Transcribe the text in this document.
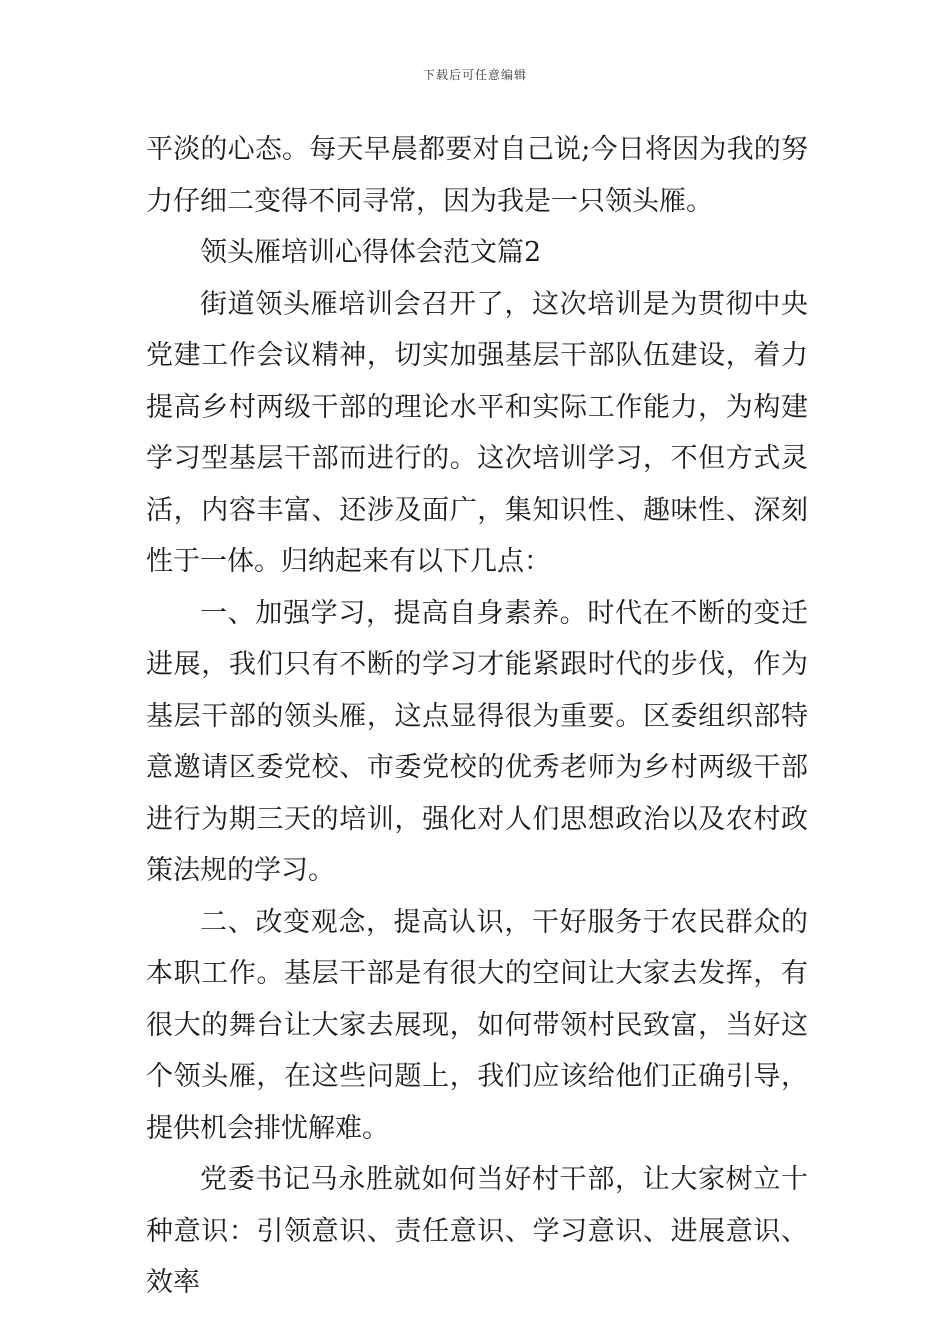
下载后可任意编辑

平淡的心态。每天早晨都要对自己说;今日将因为我的努力仔细二变得不同寻常，因为我是一只领头雁。

领头雁培训心得体会范文篇2

街道领头雁培训会召开了，这次培训是为贯彻中央党建工作会议精神，切实加强基层干部队伍建设，着力提高乡村两级干部的理论水平和实际工作能力，为构建学习型基层干部而进行的。这次培训学习，不但方式灵活，内容丰富、还涉及面广，集知识性、趣味性、深刻性于一体。归纳起来有以下几点：

一、加强学习，提高自身素养。时代在不断的变迁进展，我们只有不断的学习才能紧跟时代的步伐，作为基层干部的领头雁，这点显得很为重要。区委组织部特意邀请区委党校、市委党校的优秀老师为乡村两级干部进行为期三天的培训，强化对人们思想政治以及农村政策法规的学习。

二、改变观念，提高认识，干好服务于农民群众的本职工作。基层干部是有很大的空间让大家去发挥，有很大的舞台让大家去展现，如何带领村民致富，当好这个领头雁，在这些问题上，我们应该给他们正确引导，提供机会排忧解难。

党委书记马永胜就如何当好村干部，让大家树立十种意识：引领意识、责任意识、学习意识、进展意识、效率
